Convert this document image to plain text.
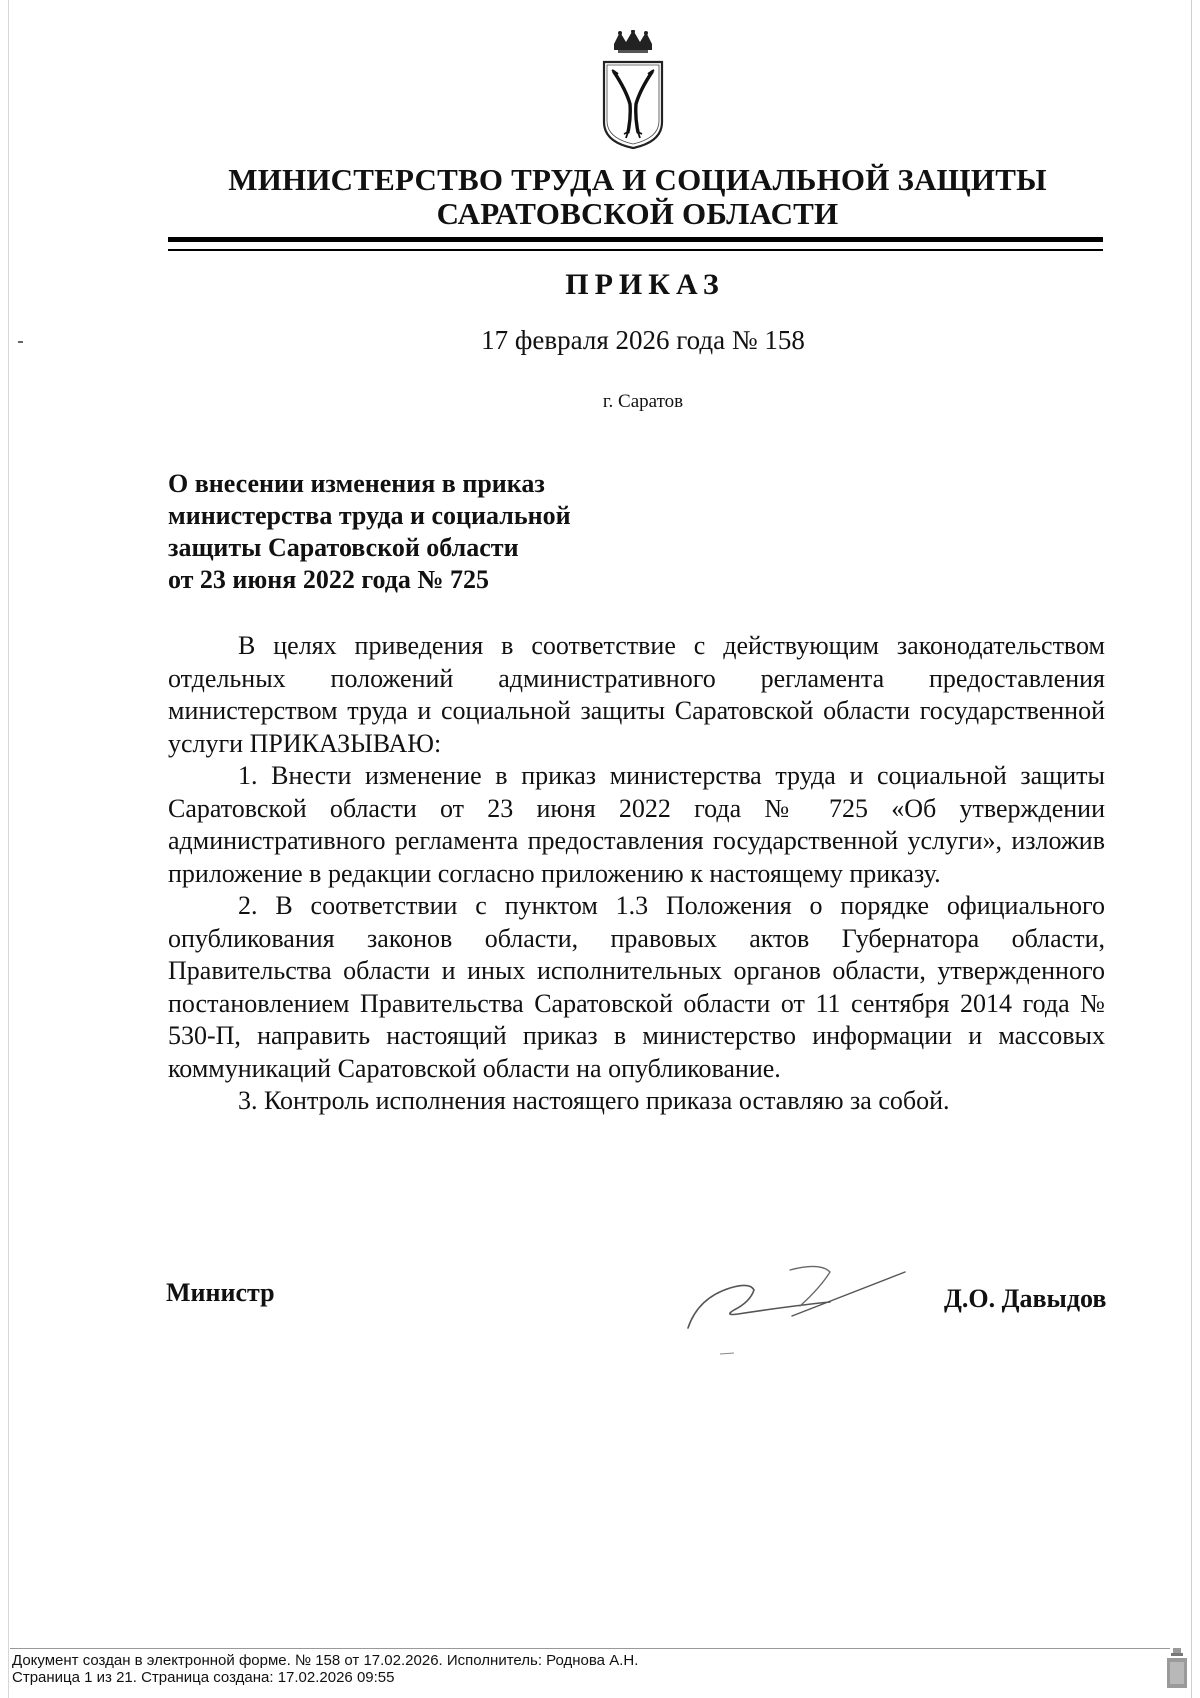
МИНИСТЕРСТВО ТРУДА И СОЦИАЛЬНОЙ ЗАЩИТЫ
САРАТОВСКОЙ ОБЛАСТИ
ПРИКАЗ
17 февраля 2026 года № 158
г. Саратов
О внесении изменения в приказ
министерства труда и социальной
защиты Саратовской области
от 23 июня 2022 года № 725

В целях приведения в соответствие с действующим законодательством отдельных положений административного регламента предоставления министерством труда и социальной защиты Саратовской области государственной услуги ПРИКАЗЫВАЮ:

1. Внести изменение в приказ министерства труда и социальной защиты Саратовской области от 23 июня 2022 года № 725 «Об утверждении административного регламента предоставления государственной услуги», изложив приложение в редакции согласно приложению к настоящему приказу.

2. В соответствии с пунктом 1.3 Положения о порядке официального опубликования законов области, правовых актов Губернатора области, Правительства области и иных исполнительных органов области, утвержденного постановлением Правительства Саратовской области от 11 сентября 2014 года № 530-П, направить настоящий приказ в министерство информации и массовых коммуникаций Саратовской области на опубликование.

3. Контроль исполнения настоящего приказа оставляю за собой.

Министр	Д.О. Давыдов
Документ создан в электронной форме. № 158 от 17.02.2026. Исполнитель: Роднова А.Н.
Страница 1 из 21. Страница создана: 17.02.2026 09:55
